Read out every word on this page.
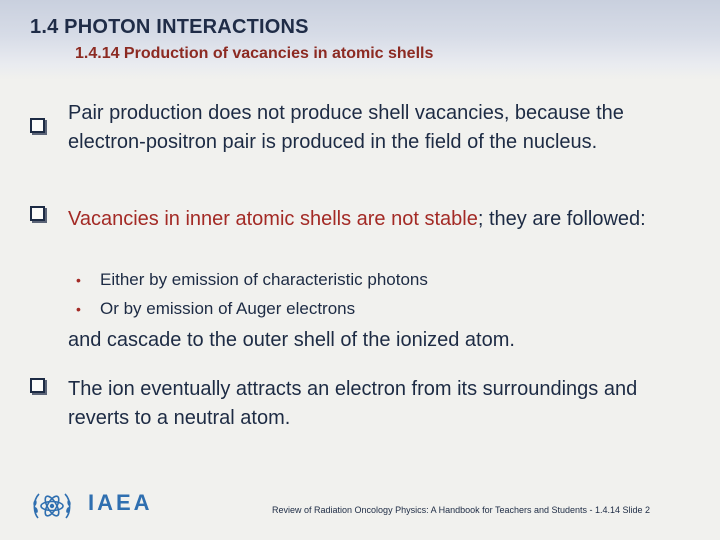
1.4 PHOTON INTERACTIONS
1.4.14 Production of vacancies in atomic shells
Pair production does not produce shell vacancies, because the electron-positron pair is produced in the field of the nucleus.
Vacancies in inner atomic shells are not stable; they are followed:
• Either by emission of characteristic photons
• Or by emission of Auger electrons
and cascade to the outer shell of the ionized atom.
The ion eventually attracts an electron from its surroundings and reverts to a neutral atom.
IAEA	Review of Radiation Oncology Physics: A Handbook for Teachers and Students - 1.4.14 Slide 2
